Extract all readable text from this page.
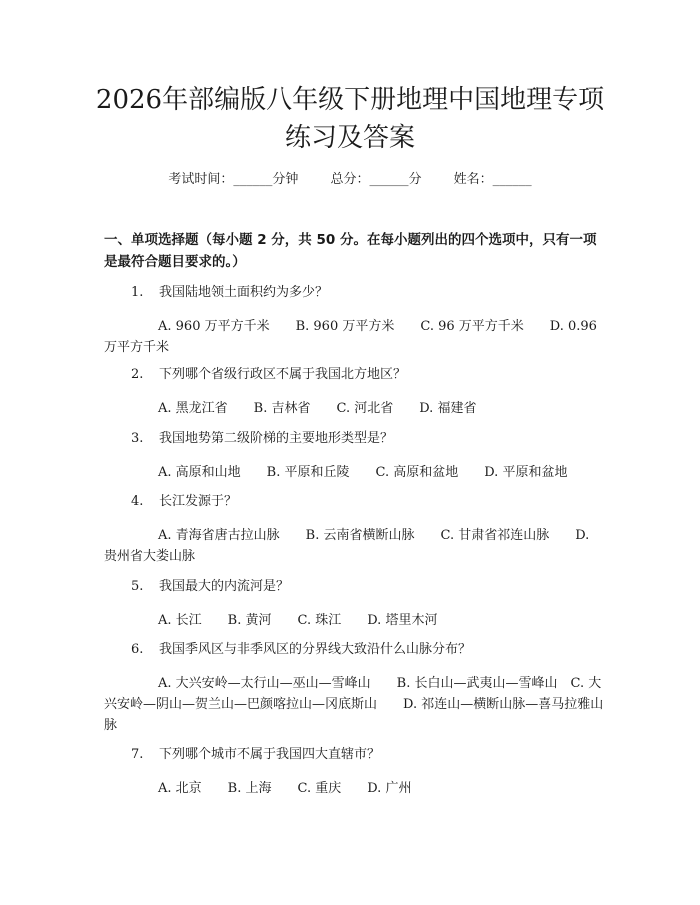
2026年部编版八年级下册地理中国地理专项
练习及答案
考试时间：______分钟 总分：______分 姓名：______
一、单项选择题（每小题 2 分，共 50 分。在每小题列出的四个选项中，只有一项是最符合题目要求的。）
1. 我国陆地领土面积约为多少？
A. 960 万平方千米　　B. 960 万平方米　　C. 96 万平方千米　　D. 0.96 万平方千米
2. 下列哪个省级行政区不属于我国北方地区？
A. 黑龙江省　　B. 吉林省　　C. 河北省　　D. 福建省
3. 我国地势第二级阶梯的主要地形类型是？
A. 高原和山地　　B. 平原和丘陵　　C. 高原和盆地　　D. 平原和盆地
4. 长江发源于？
A. 青海省唐古拉山脉　　B. 云南省横断山脉　　C. 甘肃省祁连山脉　　D. 贵州省大娄山脉
5. 我国最大的内流河是？
A. 长江　　B. 黄河　　C. 珠江　　D. 塔里木河
6. 我国季风区与非季风区的分界线大致沿什么山脉分布？
A. 大兴安岭—太行山—巫山—雪峰山　　B. 长白山—武夷山—雪峰山　C. 大兴安岭—阴山—贺兰山—巴颜喀拉山—冈底斯山　　D. 祁连山—横断山脉—喜马拉雅山脉
7. 下列哪个城市不属于我国四大直辖市？
A. 北京　　B. 上海　　C. 重庆　　D. 广州
